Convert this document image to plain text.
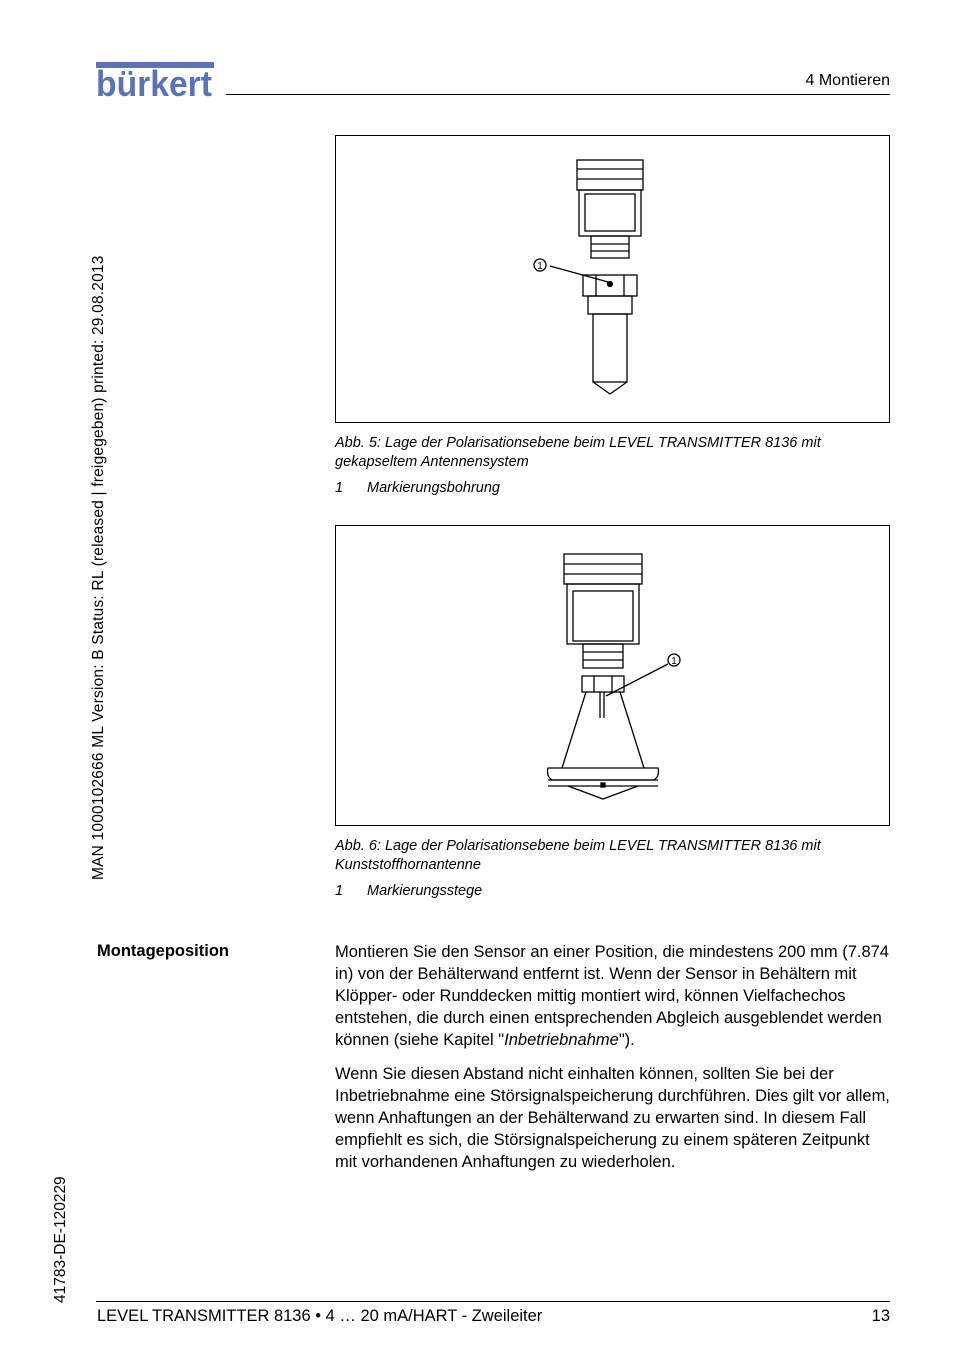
bürkert	4 Montieren
MAN 1000102666 ML Version: B Status: RL (released | freigegeben) printed: 29.08.2013
41783-DE-120229
1
Abb. 5: Lage der Polarisationsebene beim LEVEL TRANSMITTER 8136 mit
gekapseltem Antennensystem
1 Markierungsbohrung
1
Abb. 6: Lage der Polarisationsebene beim LEVEL TRANSMITTER 8136 mit
Kunststoffhornantenne
1 Markierungsstege
Montageposition	Montieren Sie den Sensor an einer Position, die mindestens 200 mm (7.874 in) von der Behälterwand entfernt ist. Wenn der Sensor in Behältern mit Klöpper- oder Runddecken mittig montiert wird, können Vielfachechos entstehen, die durch einen entsprechenden Abgleich ausgeblendet werden können (siehe Kapitel "Inbetriebnahme").
Wenn Sie diesen Abstand nicht einhalten können, sollten Sie bei der Inbetriebnahme eine Störsignalspeicherung durchführen. Dies gilt vor allem, wenn Anhaftungen an der Behälterwand zu erwarten sind. In diesem Fall empfiehlt es sich, die Störsignalspeicherung zu einem späteren Zeitpunkt mit vorhandenen Anhaftungen zu wiederholen.
LEVEL TRANSMITTER 8136 • 4 … 20 mA/HART - Zweileiter	13
